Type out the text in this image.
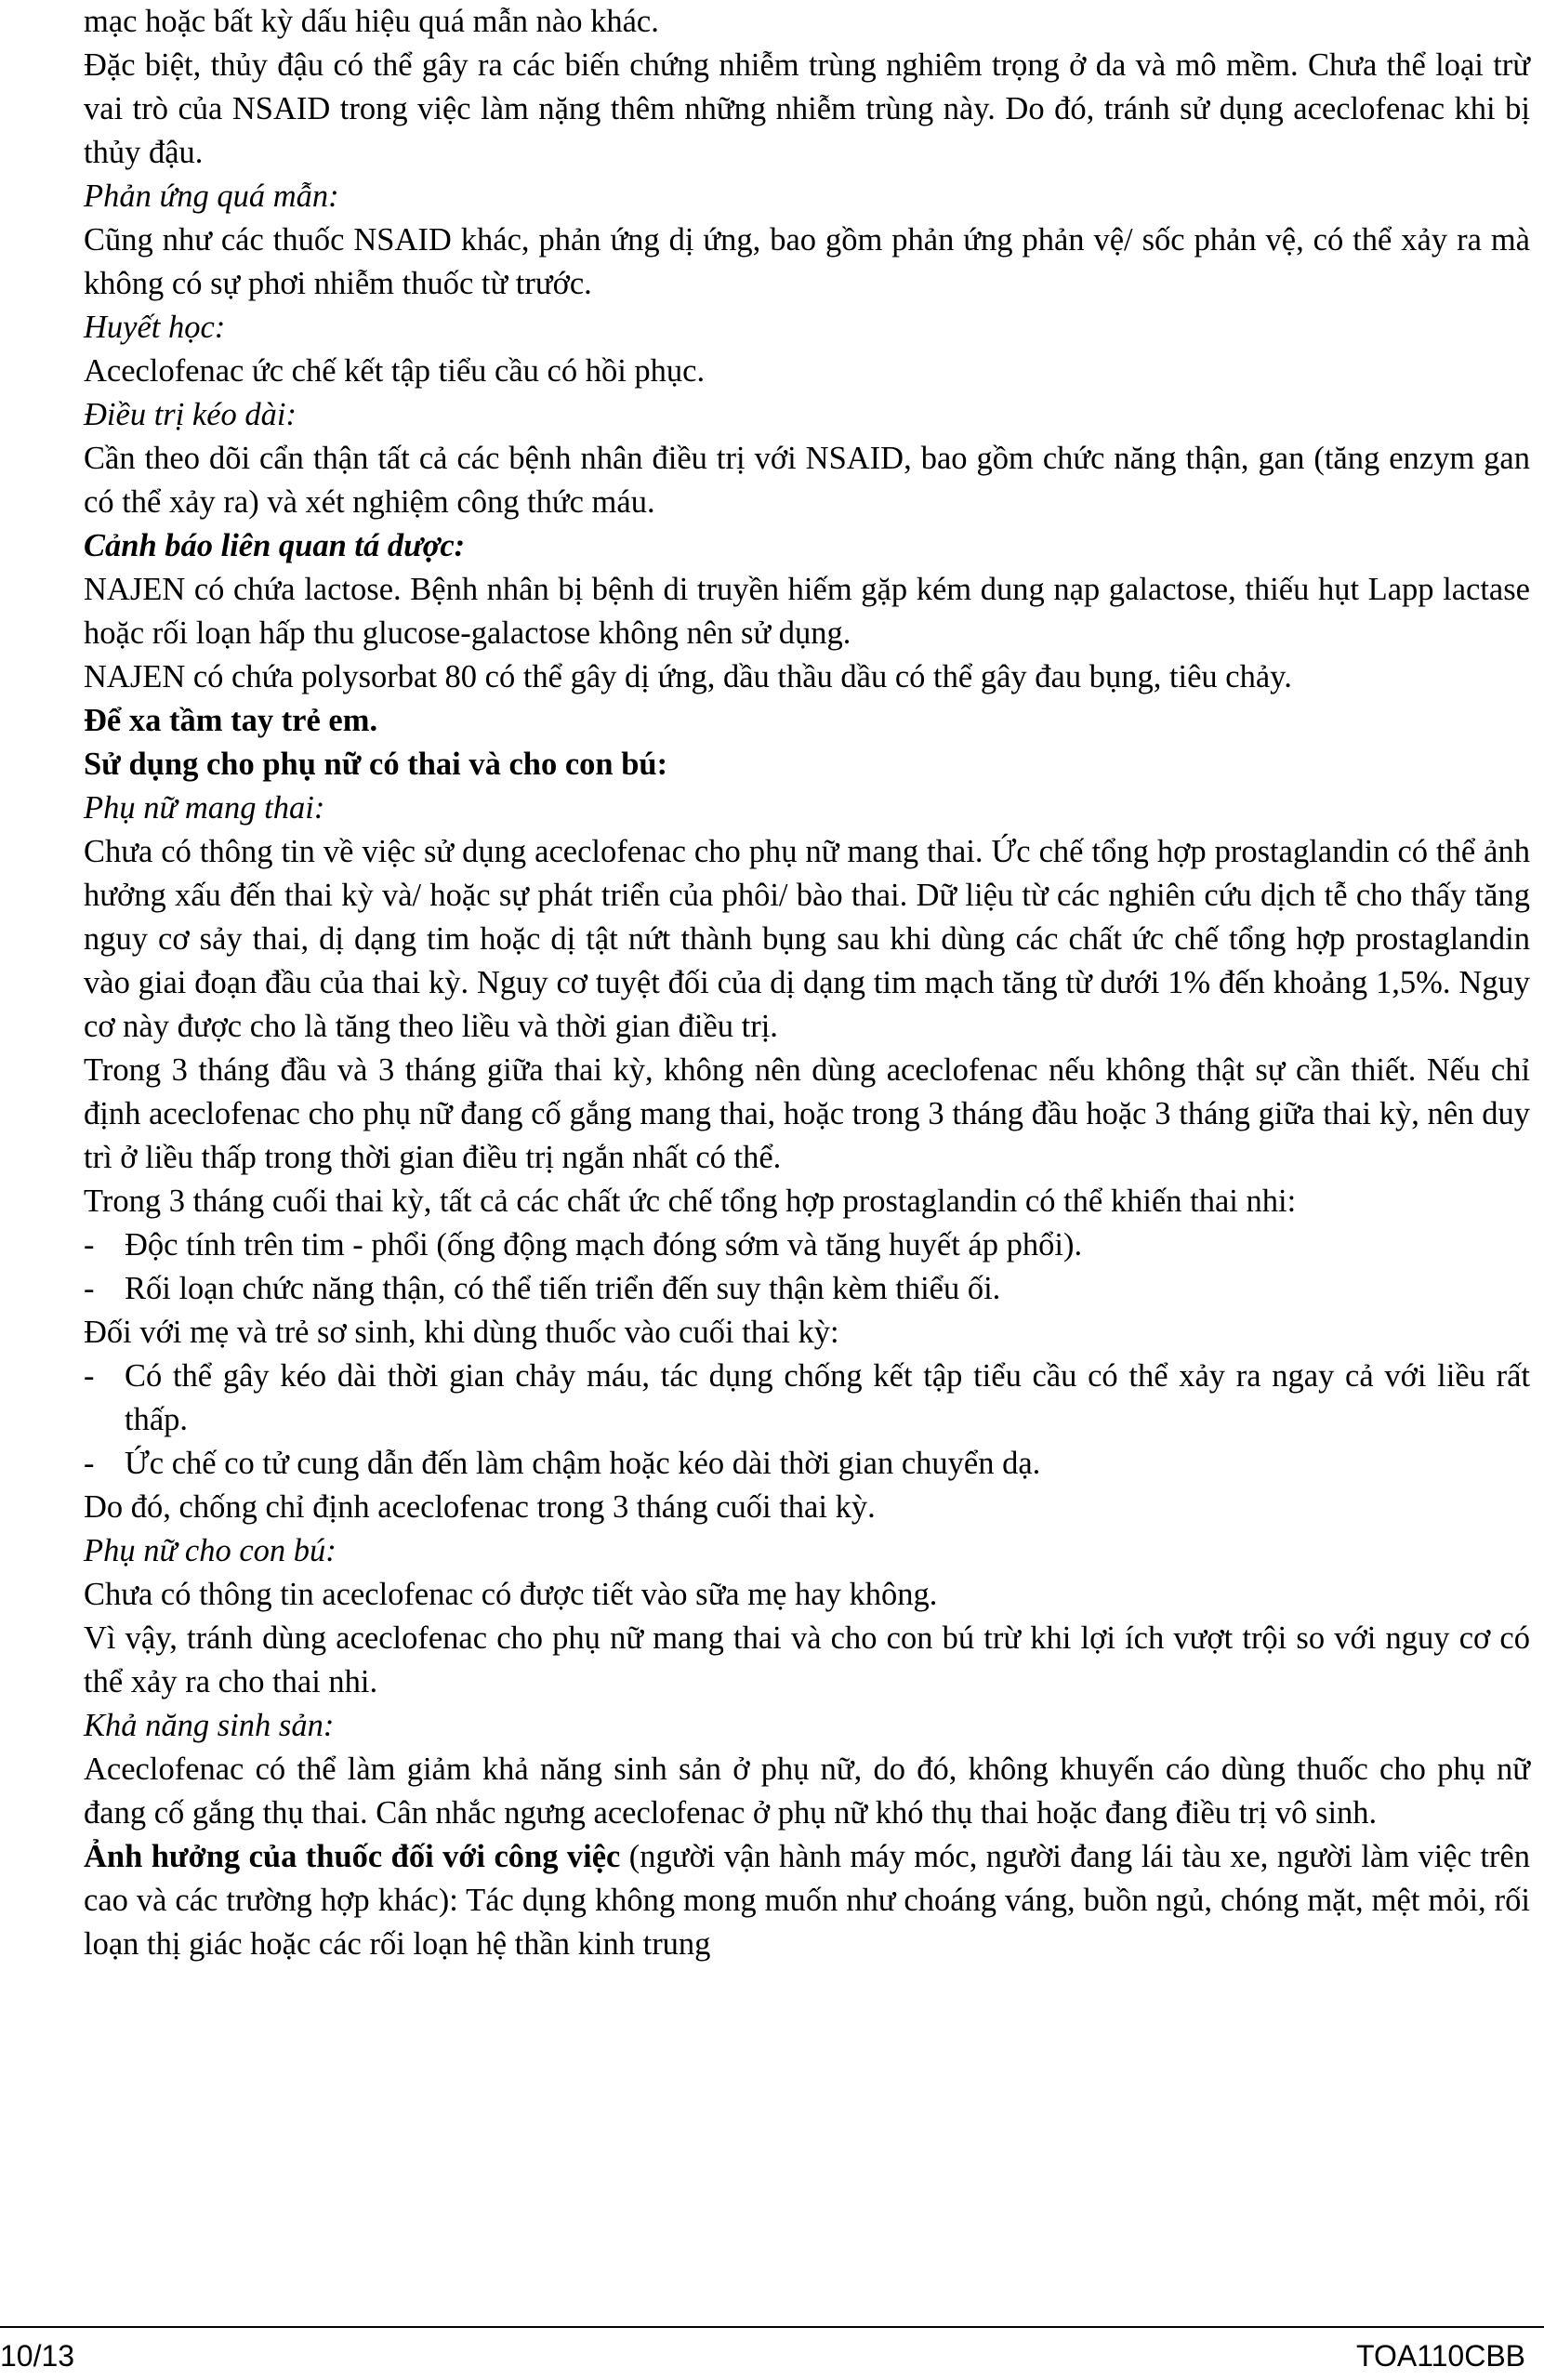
mạc hoặc bất kỳ dấu hiệu quá mẫn nào khác.

Đặc biệt, thủy đậu có thể gây ra các biến chứng nhiễm trùng nghiêm trọng ở da và mô mềm. Chưa thể loại trừ vai trò của NSAID trong việc làm nặng thêm những nhiễm trùng này. Do đó, tránh sử dụng aceclofenac khi bị thủy đậu.

Phản ứng quá mẫn:

Cũng như các thuốc NSAID khác, phản ứng dị ứng, bao gồm phản ứng phản vệ/ sốc phản vệ, có thể xảy ra mà không có sự phơi nhiễm thuốc từ trước.

Huyết học:

Aceclofenac ức chế kết tập tiểu cầu có hồi phục.

Điều trị kéo dài:

Cần theo dõi cẩn thận tất cả các bệnh nhân điều trị với NSAID, bao gồm chức năng thận, gan (tăng enzym gan có thể xảy ra) và xét nghiệm công thức máu.

Cảnh báo liên quan tá dược:

NAJEN có chứa lactose. Bệnh nhân bị bệnh di truyền hiếm gặp kém dung nạp galactose, thiếu hụt Lapp lactase hoặc rối loạn hấp thu glucose-galactose không nên sử dụng.

NAJEN có chứa polysorbat 80 có thể gây dị ứng, dầu thầu dầu có thể gây đau bụng, tiêu chảy.

Để xa tầm tay trẻ em.

Sử dụng cho phụ nữ có thai và cho con bú:

Phụ nữ mang thai:

Chưa có thông tin về việc sử dụng aceclofenac cho phụ nữ mang thai. Ức chế tổng hợp prostaglandin có thể ảnh hưởng xấu đến thai kỳ và/ hoặc sự phát triển của phôi/ bào thai. Dữ liệu từ các nghiên cứu dịch tễ cho thấy tăng nguy cơ sảy thai, dị dạng tim hoặc dị tật nứt thành bụng sau khi dùng các chất ức chế tổng hợp prostaglandin vào giai đoạn đầu của thai kỳ. Nguy cơ tuyệt đối của dị dạng tim mạch tăng từ dưới 1% đến khoảng 1,5%. Nguy cơ này được cho là tăng theo liều và thời gian điều trị.

Trong 3 tháng đầu và 3 tháng giữa thai kỳ, không nên dùng aceclofenac nếu không thật sự cần thiết. Nếu chỉ định aceclofenac cho phụ nữ đang cố gắng mang thai, hoặc trong 3 tháng đầu hoặc 3 tháng giữa thai kỳ, nên duy trì ở liều thấp trong thời gian điều trị ngắn nhất có thể.

Trong 3 tháng cuối thai kỳ, tất cả các chất ức chế tổng hợp prostaglandin có thể khiến thai nhi:

- Độc tính trên tim - phổi (ống động mạch đóng sớm và tăng huyết áp phổi).

- Rối loạn chức năng thận, có thể tiến triển đến suy thận kèm thiểu ối.

Đối với mẹ và trẻ sơ sinh, khi dùng thuốc vào cuối thai kỳ:

- Có thể gây kéo dài thời gian chảy máu, tác dụng chống kết tập tiểu cầu có thể xảy ra ngay cả với liều rất thấp.

- Ức chế co tử cung dẫn đến làm chậm hoặc kéo dài thời gian chuyển dạ.

Do đó, chống chỉ định aceclofenac trong 3 tháng cuối thai kỳ.

Phụ nữ cho con bú:

Chưa có thông tin aceclofenac có được tiết vào sữa mẹ hay không.

Vì vậy, tránh dùng aceclofenac cho phụ nữ mang thai và cho con bú trừ khi lợi ích vượt trội so với nguy cơ có thể xảy ra cho thai nhi.

Khả năng sinh sản:

Aceclofenac có thể làm giảm khả năng sinh sản ở phụ nữ, do đó, không khuyến cáo dùng thuốc cho phụ nữ đang cố gắng thụ thai. Cân nhắc ngưng aceclofenac ở phụ nữ khó thụ thai hoặc đang điều trị vô sinh.

Ảnh hưởng của thuốc đối với công việc (người vận hành máy móc, người đang lái tàu xe, người làm việc trên cao và các trường hợp khác): Tác dụng không mong muốn như choáng váng, buồn ngủ, chóng mặt, mệt mỏi, rối loạn thị giác hoặc các rối loạn hệ thần kinh trung

10/13	TOA110CBB
